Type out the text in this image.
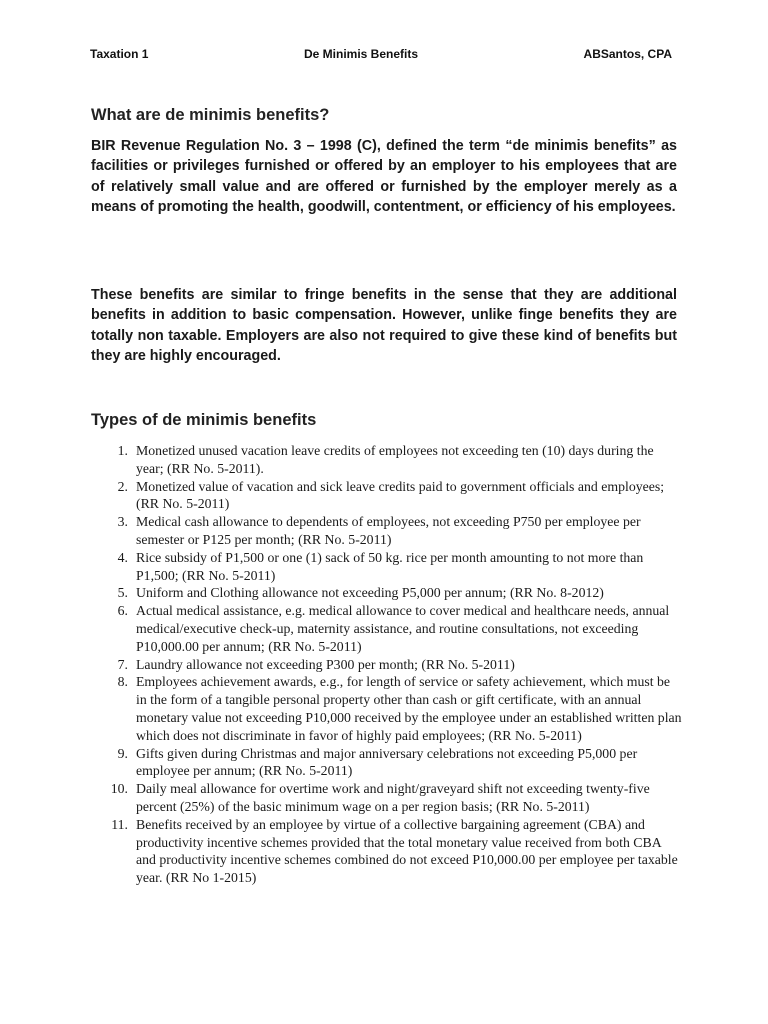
Taxation 1	De Minimis Benefits	ABSantos, CPA
What are de minimis benefits?

BIR Revenue Regulation No. 3 – 1998 (C), defined the term “de minimis benefits” as facilities or privileges furnished or offered by an employer to his employees that are of relatively small value and are offered or furnished by the employer merely as a means of promoting the health, goodwill, contentment, or efficiency of his employees.

These benefits are similar to fringe benefits in the sense that they are additional benefits in addition to basic compensation. However, unlike finge benefits they are totally non taxable. Employers are also not required to give these kind of benefits but they are highly encouraged.

Types of de minimis benefits
1. Monetized unused vacation leave credits of employees not exceeding ten (10) days during the year; (RR No. 5-2011).
2. Monetized value of vacation and sick leave credits paid to government officials and employees; (RR No. 5-2011)
3. Medical cash allowance to dependents of employees, not exceeding P750 per employee per semester or P125 per month; (RR No. 5-2011)
4. Rice subsidy of P1,500 or one (1) sack of 50 kg. rice per month amounting to not more than P1,500; (RR No. 5-2011)
5. Uniform and Clothing allowance not exceeding P5,000 per annum; (RR No. 8-2012)
6. Actual medical assistance, e.g. medical allowance to cover medical and healthcare needs, annual medical/executive check-up, maternity assistance, and routine consultations, not exceeding P10,000.00 per annum; (RR No. 5-2011)
7. Laundry allowance not exceeding P300 per month; (RR No. 5-2011)
8. Employees achievement awards, e.g., for length of service or safety achievement, which must be in the form of a tangible personal property other than cash or gift certificate, with an annual monetary value not exceeding P10,000 received by the employee under an established written plan which does not discriminate in favor of highly paid employees; (RR No. 5-2011)
9. Gifts given during Christmas and major anniversary celebrations not exceeding P5,000 per employee per annum; (RR No. 5-2011)
10. Daily meal allowance for overtime work and night/graveyard shift not exceeding twenty-five percent (25%) of the basic minimum wage on a per region basis; (RR No. 5-2011)
11. Benefits received by an employee by virtue of a collective bargaining agreement (CBA) and productivity incentive schemes provided that the total monetary value received from both CBA and productivity incentive schemes combined do not exceed P10,000.00 per employee per taxable year. (RR No 1-2015)
